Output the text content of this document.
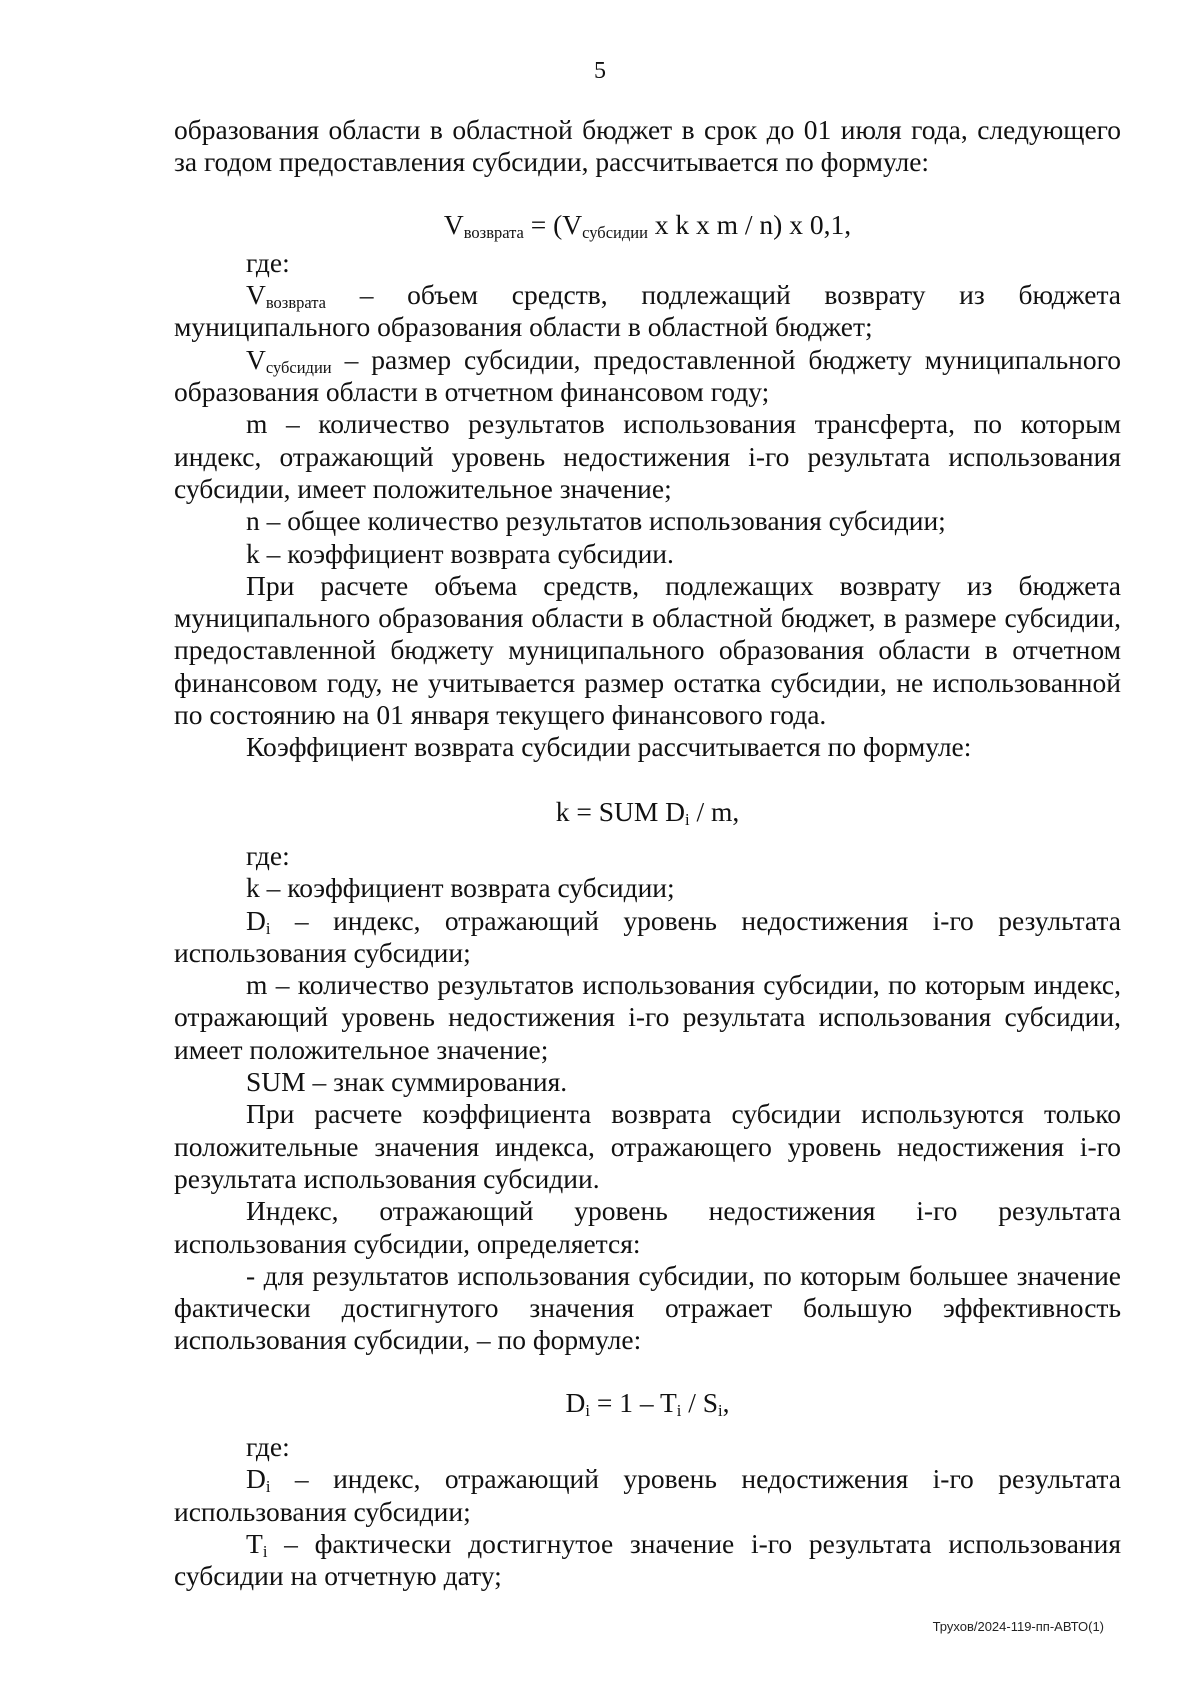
5

образования области в областной бюджет в срок до 01 июля года, следующего за годом предоставления субсидии, рассчитывается по формуле:

$V_{возврата} = (V_{субсидии}$ x k x m / n) x 0,1,

где:

$V_{возврата}$ – объем средств, подлежащий возврату из бюджета муниципального образования области в областной бюджет;

$V_{субсидии}$ – размер субсидии, предоставленной бюджету муниципального образования области в отчетном финансовом году;

m – количество результатов использования трансферта, по которым индекс, отражающий уровень недостижения i-го результата использования субсидии, имеет положительное значение;

n – общее количество результатов использования субсидии;

k – коэффициент возврата субсидии.

При расчете объема средств, подлежащих возврату из бюджета муниципального образования области в областной бюджет, в размере субсидии, предоставленной бюджету муниципального образования области в отчетном финансовом году, не учитывается размер остатка субсидии, не использованной по состоянию на 01 января текущего финансового года.

Коэффициент возврата субсидии рассчитывается по формуле:

k = SUM $D_i$ / m,

где:

k – коэффициент возврата субсидии;

$D_i$ – индекс, отражающий уровень недостижения i-го результата использования субсидии;

m – количество результатов использования субсидии, по которым индекс, отражающий уровень недостижения i-го результата использования субсидии, имеет положительное значение;

SUM – знак суммирования.

При расчете коэффициента возврата субсидии используются только положительные значения индекса, отражающего уровень недостижения i-го результата использования субсидии.

Индекс, отражающий уровень недостижения i-го результата использования субсидии, определяется:

- для результатов использования субсидии, по которым большее значение фактически достигнутого значения отражает большую эффективность использования субсидии, – по формуле:

$D_i = 1 - T_i / S_i$,

где:

$D_i$ – индекс, отражающий уровень недостижения i-го результата использования субсидии;

$T_i$ – фактически достигнутое значение i-го результата использования субсидии на отчетную дату;

Трухов/2024-119-пп-АВТО(1)
